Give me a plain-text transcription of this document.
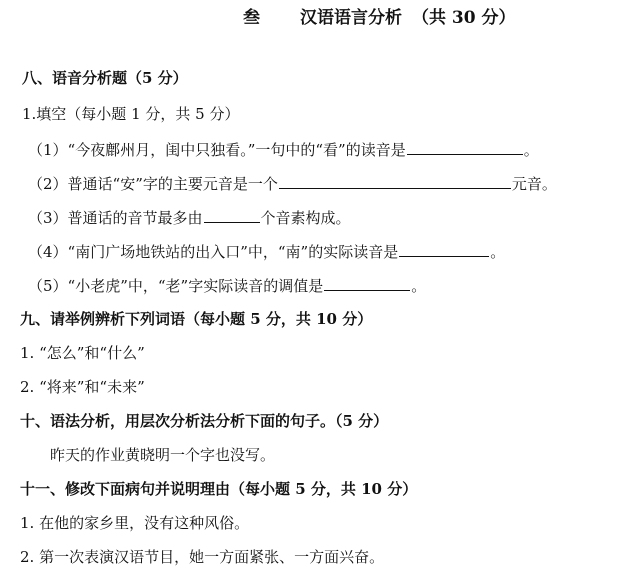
叁 汉语语言分析 （共 30 分）
八、语音分析题（5 分）
1.填空（每小题 1 分，共 5 分）
（1）“今夜鄜州月，闺中只独看。”一句中的“看”的读音是	。
（2）普通话“安”字的主要元音是一个	元音。
（3）普通话的音节最多由	个音素构成。
（4）“南门广场地铁站的出入口”中，“南”的实际读音是	。
（5）“小老虎”中，“老”字实际读音的调值是	。
九、请举例辨析下列词语（每小题 5 分，共 10 分）
1. “怎么”和“什么”
2. “将来”和“未来”
十、语法分析，用层次分析法分析下面的句子。（5 分）
昨天的作业黄晓明一个字也没写。
十一、修改下面病句并说明理由（每小题 5 分，共 10 分）
1. 在他的家乡里，没有这种风俗。
2. 第一次表演汉语节目，她一方面紧张、一方面兴奋。
